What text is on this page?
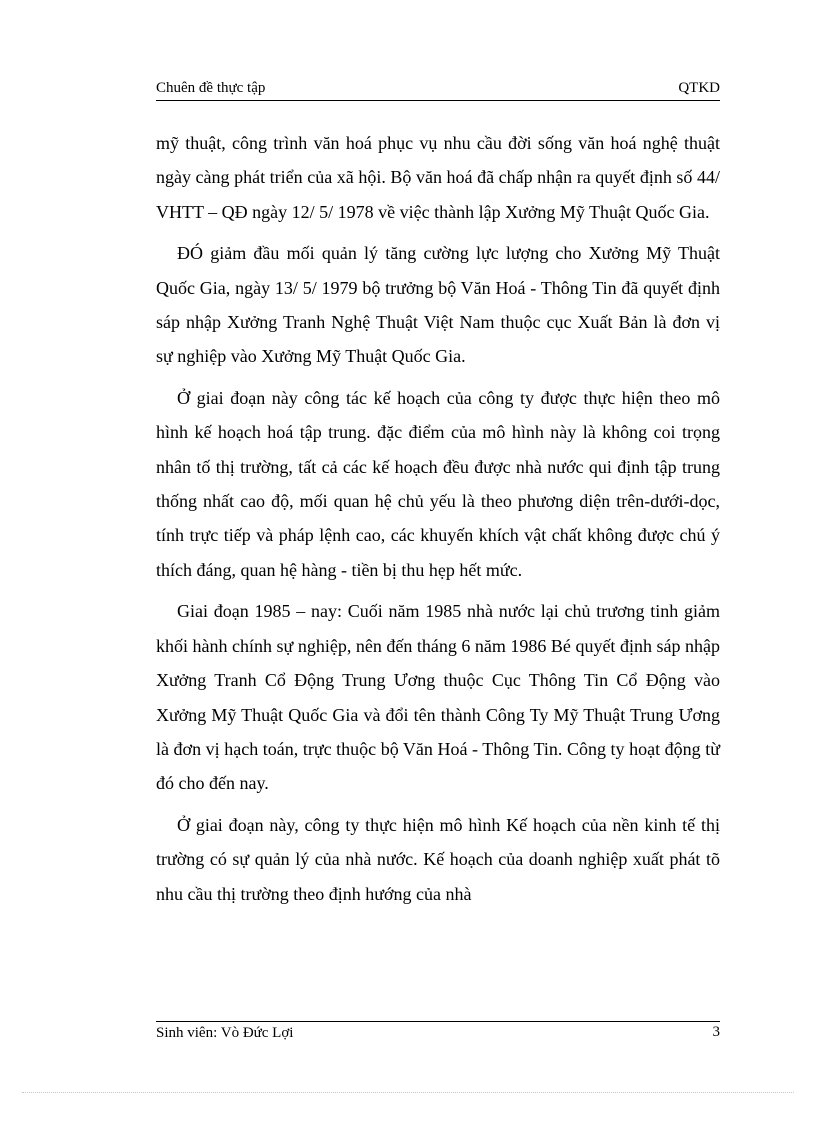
Chuên đề thực tập	QTKD

mỹ thuật, công trình văn hoá phục vụ nhu cầu đời sống văn hoá nghệ thuật ngày càng phát triển của xã hội. Bộ văn hoá đã chấp nhận ra quyết định số 44/ VHTT – QĐ ngày 12/ 5/ 1978 về việc thành lập Xưởng Mỹ Thuật Quốc Gia.

ĐÓ giảm đầu mối quản lý tăng cường lực lượng cho Xưởng Mỹ Thuật Quốc Gia, ngày 13/ 5/ 1979 bộ trưởng bộ Văn Hoá - Thông Tin đã quyết định sáp nhập Xưởng Tranh Nghệ Thuật Việt Nam thuộc cục Xuất Bản là đơn vị sự nghiệp vào Xưởng Mỹ Thuật Quốc Gia.

Ở giai đoạn này công tác kế hoạch của công ty được thực hiện theo mô hình kế hoạch hoá tập trung. đặc điểm của mô hình này là không coi trọng nhân tố thị trường, tất cả các kế hoạch đều được nhà nước qui định tập trung thống nhất cao độ, mối quan hệ chủ yếu là theo phương diện trên-dưới-dọc, tính trực tiếp và pháp lệnh cao, các khuyến khích vật chất không được chú ý thích đáng, quan hệ hàng - tiền bị thu hẹp hết mức.

Giai đoạn 1985 – nay: Cuối năm 1985 nhà nước lại chủ trương tinh giảm khối hành chính sự nghiệp, nên đến tháng 6 năm 1986 Bé quyết định sáp nhập Xưởng Tranh Cổ Động Trung Ương thuộc Cục Thông Tin Cổ Động vào Xưởng Mỹ Thuật Quốc Gia và đổi tên thành Công Ty Mỹ Thuật Trung Ương là đơn vị hạch toán, trực thuộc bộ Văn Hoá - Thông Tin. Công ty hoạt động từ đó cho đến nay.

Ở giai đoạn này, công ty thực hiện mô hình Kế hoạch của nền kinh tế thị trường có sự quản lý của nhà nước. Kế hoạch của doanh nghiệp xuất phát tõ nhu cầu thị trường theo định hướng của nhà

Sinh viên: Vò Đức Lợi	3
